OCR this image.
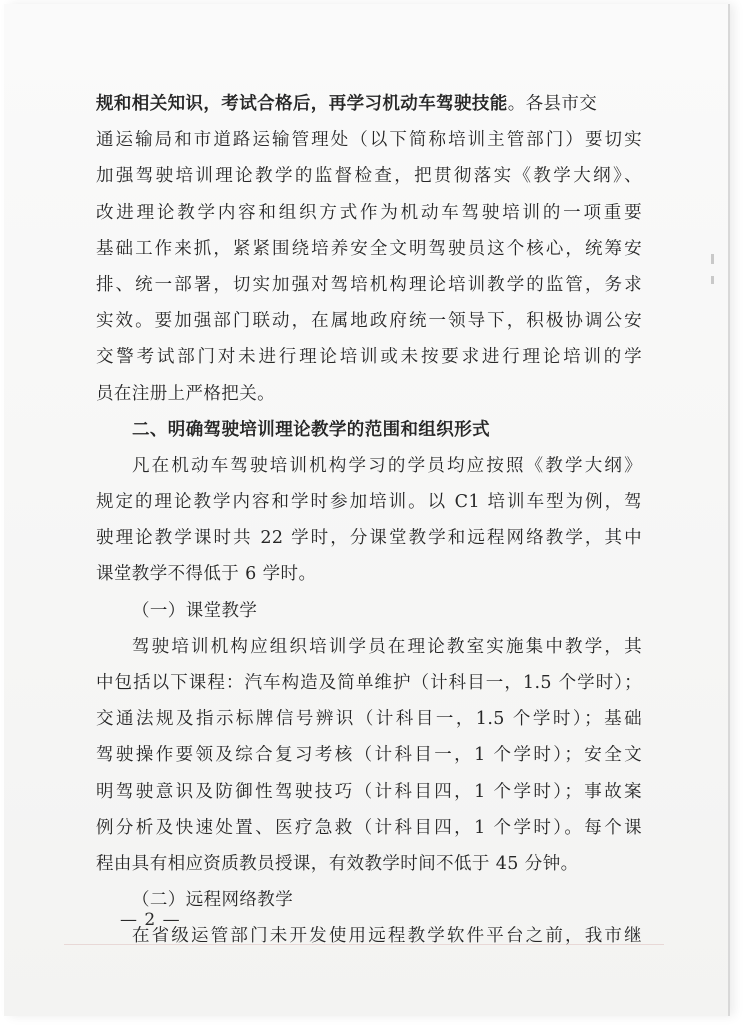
规和相关知识，考试合格后，再学习机动车驾驶技能。各县市交
通运输局和市道路运输管理处（以下简称培训主管部门）要切实
加强驾驶培训理论教学的监督检查，把贯彻落实《教学大纲》、
改进理论教学内容和组织方式作为机动车驾驶培训的一项重要
基础工作来抓，紧紧围绕培养安全文明驾驶员这个核心，统筹安
排、统一部署，切实加强对驾培机构理论培训教学的监管，务求
实效。要加强部门联动，在属地政府统一领导下，积极协调公安
交警考试部门对未进行理论培训或未按要求进行理论培训的学
员在注册上严格把关。
二、明确驾驶培训理论教学的范围和组织形式
凡在机动车驾驶培训机构学习的学员均应按照《教学大纲》
规定的理论教学内容和学时参加培训。以 C1 培训车型为例，驾
驶理论教学课时共 22 学时，分课堂教学和远程网络教学，其中
课堂教学不得低于 6 学时。
（一）课堂教学
驾驶培训机构应组织培训学员在理论教室实施集中教学，其
中包括以下课程：汽车构造及简单维护（计科目一，1.5 个学时）；
交通法规及指示标牌信号辨识（计科目一，1.5 个学时）；基础
驾驶操作要领及综合复习考核（计科目一，1 个学时）；安全文
明驾驶意识及防御性驾驶技巧（计科目四，1 个学时）；事故案
例分析及快速处置、医疗急救（计科目四，1 个学时）。每个课
程由具有相应资质教员授课，有效教学时间不低于 45 分钟。
（二）远程网络教学
在省级运管部门未开发使用远程教学软件平台之前，我市继
— 2 —
